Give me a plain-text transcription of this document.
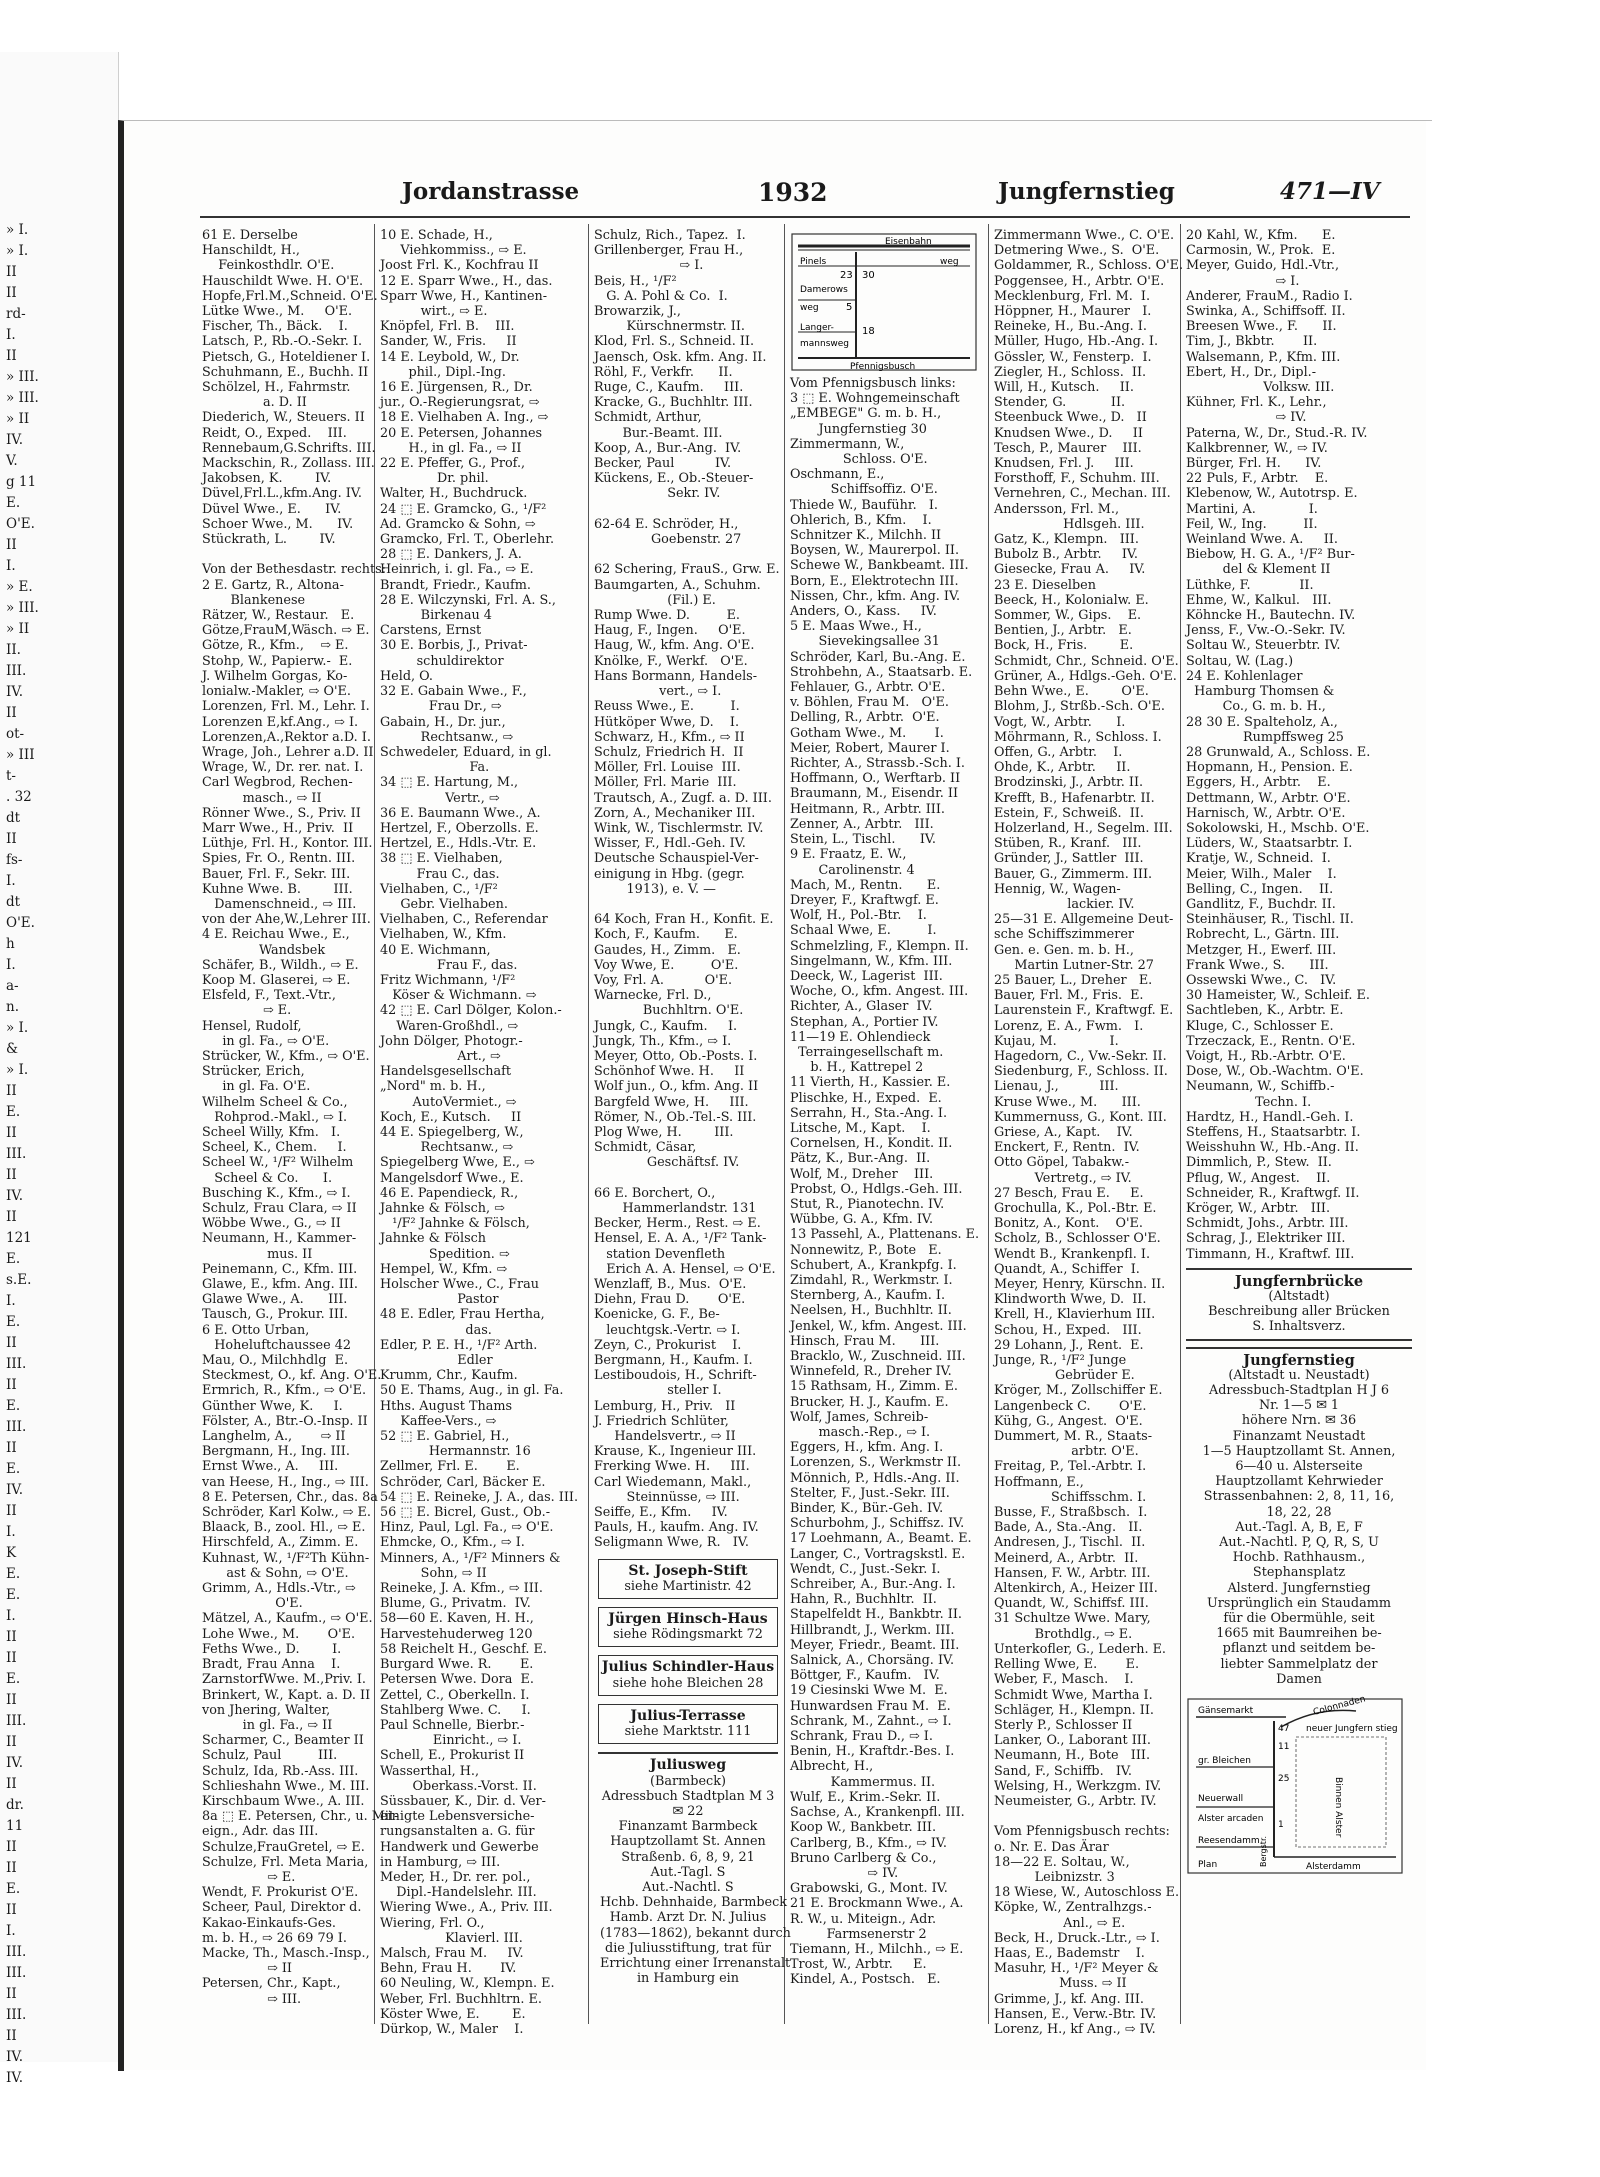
» I.
» I.
II
II
rd-
I.
II
» III.
» III.
» II
IV.
V.
g 11
E.
O'E.
II
I.
» E.
» III.
» II
II.
III.
IV.
II
ot-
» III
t-
. 32
dt
II
fs-
I.
dt
O'E.
h
I.
a-
n.
» I.
&
» I.
II
E.
II
III.
II
IV.
II
121
E.
s.E.
I.
E.
II
III.
II
E.
III.
II
E.
IV.
II
I.
K
E.
E.
I.
II
II
E.
II
III.
II
IV.
II
dr.
11
II
II
E.
II
I.
III.
III.
II
III.
II
IV.
IV.
Jordanstrasse	1932	Jungfernstieg	471—IV
61 E. Derselbe
Hanschildt, H.,
Feinkosthdlr. O'E.
Hauschildt Wwe. H. O'E.
Hopfe,Frl.M.,Schneid. O'E.
Lütke Wwe., M.     O'E.
Fischer, Th., Bäck.    I.
Latsch, P., Rb.-O.-Sekr. I.
Pietsch, G., Hoteldiener I.
Schuhmann, E., Buchh. II
Schölzel, H., Fahrmstr.
a. D. II
Diederich, W., Steuers. II
Reidt, O., Exped.    III.
Rennebaum,G.Schrifts. III.
Mackschin, R., Zollass. III.
Jakobsen, K.        IV.
Düvel,Frl.L.,kfm.Ang. IV.
Düvel Wwe., E.      IV.
Schoer Wwe., M.      IV.
Stückrath, L.        IV.

Von der Bethesdastr. rechts:
2 E. Gartz, R., Altona-
Blankenese
Rätzer, W., Restaur.   E.
Götze,FrauM,Wäsch. ⇨ E.
Götze, R., Kfm.,    ⇨ E.
Stohp, W., Papierw.-  E.
J. Wilhelm Gorgas, Ko-
lonialw.-Makler, ⇨ O'E.
Lorenzen, Frl. M., Lehr. I.
Lorenzen E,kf.Ang., ⇨ I.
Lorenzen,A.,Rektor a.D. I.
Wrage, Joh., Lehrer a.D. II
Wrage, W., Dr. rer. nat. I.
Carl Wegbrod, Rechen-
masch., ⇨ II
Rönner Wwe., S., Priv. II
Marr Wwe., H., Priv.  II
Lüthje, Frl. H., Kontor. III.
Spies, Fr. O., Rentn. III.
Bauer, Frl. F., Sekr. III.
Kuhne Wwe. B.        III.
Damenschneid., ⇨ III.
von der Ahe,W.,Lehrer III.
4 E. Reichau Wwe., E.,
Wandsbek
Schäfer, B., Wildh., ⇨ E.
Koop M. Glaserei, ⇨ E.
Elsfeld, F., Text.-Vtr.,
⇨ E.
Hensel, Rudolf,
in gl. Fa., ⇨ O'E.
Strücker, W., Kfm., ⇨ O'E.
Strücker, Erich,
in gl. Fa. O'E.
Wilhelm Scheel & Co.,
Rohprod.-Makl., ⇨ I.
Scheel Willy, Kfm.   I.
Scheel, K., Chem.     I.
Scheel W., ¹/F² Wilhelm
Scheel & Co.      I.
Busching K., Kfm., ⇨ I.
Schulz, Frau Clara, ⇨ II
Wöbbe Wwe., G., ⇨ II
Neumann, H., Kammer-
mus. II
Peinemann, C., Kfm. III.
Glawe, E., kfm. Ang. III.
Glawe Wwe., A.      III.
Tausch, G., Prokur. III.
6 E. Otto Urban,
Hoheluftchaussee 42
Mau, O., Milchhdlg  E.
Steckmest, O., kf. Ang. O'E.
Ermrich, R., Kfm., ⇨ O'E.
Günther Wwe, K.     I.
Fölster, A., Btr.-O.-Insp. II
Langhelm, A.,       ⇨ II
Bergmann, H., Ing. III.
Ernst Wwe., A.     III.
van Heese, H., Ing., ⇨ III.
8 E. Petersen, Chr., das. 8a
Schröder, Karl Kolw., ⇨ E.
Blaack, B., zool. Hl., ⇨ E.
Hirschfeld, A., Zimm. E.
Kuhnast, W., ¹/F²Th Kühn-
ast & Sohn, ⇨ O'E.
Grimm, A., Hdls.-Vtr., ⇨
O'E.
Mätzel, A., Kaufm., ⇨ O'E.
Lohe Wwe., M.       O'E.
Feths Wwe., D.        I.
Bradt, Frau Anna    I.
ZarnstorfWwe. M.,Priv. I.
Brinkert, W., Kapt. a. D. II
von Jhering, Walter,
in gl. Fa., ⇨ II
Scharmer, C., Beamter II
Schulz, Paul         III.
Schulz, Ida, Rb.-Ass. III.
Schlieshahn Wwe., M. III.
Kirschbaum Wwe., A. III.
8a ⬚ E. Petersen, Chr., u. Mit-
eign., Adr. das III.
Schulze,FrauGretel, ⇨ E.
Schulze, Frl. Meta Maria,
⇨ E.
Wendt, F. Prokurist O'E.
Scheer, Paul, Direktor d.
Kakao-Einkaufs-Ges.
m. b. H., ⇨ 26 69 79 I.
Macke, Th., Masch.-Insp.,
⇨ II
Petersen, Chr., Kapt.,
⇨ III.
10 E. Schade, H.,
Viehkommiss., ⇨ E.
Joost Frl. K., Kochfrau II
12 E. Sparr Wwe., H., das.
Sparr Wwe, H., Kantinen-
wirt., ⇨ E.
Knöpfel, Frl. B.    III.
Sander, W., Fris.     II
14 E. Leybold, W., Dr.
phil., Dipl.-Ing.
16 E. Jürgensen, R., Dr.
jur., O.-Regierungsrat, ⇨
18 E. Vielhaben A. Ing., ⇨
20 E. Petersen, Johannes
H., in gl. Fa., ⇨ II
22 E. Pfeffer, G., Prof.,
Dr. phil.
Walter, H., Buchdruck.
24 ⬚ E. Gramcko, G., ¹/F²
Ad. Gramcko & Sohn, ⇨
Gramcko, Frl. T., Oberlehr.
28 ⬚ E. Dankers, J. A.
Heinrich, i. gl. Fa., ⇨ E.
Brandt, Friedr., Kaufm.
28 E. Wilczynski, Frl. A. S.,
Birkenau 4
Carstens, Ernst
30 E. Borbis, J., Privat-
schuldirektor
Held, O.
32 E. Gabain Wwe., F.,
Frau Dr., ⇨
Gabain, H., Dr. jur.,
Rechtsanw., ⇨
Schwedeler, Eduard, in gl.
Fa.
34 ⬚ E. Hartung, M.,
Vertr., ⇨
36 E. Baumann Wwe., A.
Hertzel, F., Oberzolls. E.
Hertzel, E., Hdls.-Vtr. E.
38 ⬚ E. Vielhaben,
Frau C., das.
Vielhaben, C., ¹/F²
Gebr. Vielhaben.
Vielhaben, C., Referendar
Vielhaben, W., Kfm.
40 E. Wichmann,
Frau F., das.
Fritz Wichmann, ¹/F²
Köser & Wichmann. ⇨
42 ⬚ E. Carl Dölger, Kolon.-
Waren-Großhdl., ⇨
John Dölger, Photogr.-
Art., ⇨
Handelsgesellschaft
„Nord" m. b. H.,
AutoVermiet., ⇨
Koch, E., Kutsch.     II
44 E. Spiegelberg, W.,
Rechtsanw., ⇨
Spiegelberg Wwe, E., ⇨
Mangelsdorf Wwe., E.
46 E. Papendieck, R.,
Jahnke & Fölsch, ⇨
¹/F² Jahnke & Fölsch,
Jahnke & Fölsch
Spedition. ⇨
Hempel, W., Kfm. ⇨
Holscher Wwe., C., Frau
Pastor
48 E. Edler, Frau Hertha,
das.
Edler, P. E. H., ¹/F² Arth.
Edler
Krumm, Chr., Kaufm.
50 E. Thams, Aug., in gl. Fa.
Hths. August Thams
Kaffee-Vers., ⇨
52 ⬚ E. Gabriel, H.,
Hermannstr. 16
Zellmer, Frl. E.       E.
Schröder, Carl, Bäcker E.
54 ⬚ E. Reineke, J. A., das. III.
56 ⬚ E. Bicrel, Gust., Ob.-
Hinz, Paul, Lgl. Fa., ⇨ O'E.
Ehmcke, O., Kfm., ⇨ I.
Minners, A., ¹/F² Minners &
Sohn, ⇨ II
Reineke, J. A. Kfm., ⇨ III.
Blume, G., Privatm.  IV.
58—60 E. Kaven, H. H.,
Harvestehuderweg 120
58 Reichelt H., Geschf. E.
Burgard Wwe. R.       E.
Petersen Wwe. Dora  E.
Zettel, C., Oberkelln. I.
Stahlberg Wwe. C.     I.
Paul Schnelle, Bierbr.-
Einricht., ⇨ I.
Schell, E., Prokurist II
Wasserthal, H.,
Oberkass.-Vorst. II.
Süssbauer, K., Dir. d. Ver-
einigte Lebensversiche-
rungsanstalten a. G. für
Handwerk und Gewerbe
in Hamburg, ⇨ III.
Meder, H., Dr. rer. pol.,
Dipl.-Handelslehr. III.
Wiering Wwe., A., Priv. III.
Wiering, Frl. O.,
Klavierl. III.
Malsch, Frau M.     IV.
Behn, Frau H.       IV.
60 Neuling, W., Klempn. E.
Weber, Frl. Buchhltrn. E.
Köster Wwe, E.        E.
Dürkop, W., Maler    I.
Schulz, Rich., Tapez.  I.
Grillenberger, Frau H.,
⇨ I.
Beis, H., ¹/F²
G. A. Pohl & Co.  I.
Browarzik, J.,
Kürschnermstr. II.
Klod, Frl. S., Schneid. II.
Jaensch, Osk. kfm. Ang. II.
Röhl, F., Verkfr.      II.
Ruge, C., Kaufm.     III.
Kracke, G., Buchhltr. III.
Schmidt, Arthur,
Bur.-Beamt. III.
Koop, A., Bur.-Ang.  IV.
Becker, Paul          IV.
Kückens, E., Ob.-Steuer-
Sekr. IV.

62-64 E. Schröder, H.,
Goebenstr. 27

62 Schering, FrauS., Grw. E.
Baumgarten, A., Schuhm.
(Fil.) E.
Rump Wwe. D.         E.
Haug, F., Ingen.     O'E.
Haug, W., kfm. Ang. O'E.
Knölke, F., Werkf.   O'E.
Hans Bormann, Handels-
vert., ⇨ I.
Reuss Wwe., E.         I.
Hütköper Wwe, D.    I.
Schwarz, H., Kfm., ⇨ II
Schulz, Friedrich H.  II
Möller, Frl. Louise  III.
Möller, Frl. Marie  III.
Trautsch, A., Zugf. a. D. III.
Zorn, A., Mechaniker III.
Wink, W., Tischlermstr. IV.
Wisser, F., Hdl.-Geh. IV.
Deutsche Schauspiel-Ver-
einigung in Hbg. (gegr.
1913), e. V. —

64 Koch, Fran H., Konfit. E.
Koch, F., Kaufm.      E.
Gaudes, H., Zimm.   E.
Voy Wwe, E.         O'E.
Voy, Frl. A.          O'E.
Warnecke, Frl. D.,
Buchhltrn. O'E.
Jungk, C., Kaufm.     I.
Jungk, Th., Kfm., ⇨ I.
Meyer, Otto, Ob.-Posts. I.
Schönhof Wwe. H.     II
Wolf jun., O., kfm. Ang. II
Bargfeld Wwe, H.     III.
Römer, N., Ob.-Tel.-S. III.
Plog Wwe, H.        III.
Schmidt, Cäsar,
Geschäftsf. IV.

66 E. Borchert, O.,
Hammerlandstr. 131
Becker, Herm., Rest. ⇨ E.
Hensel, E. A. A., ¹/F² Tank-
station Devenfleth
Erich A. A. Hensel, ⇨ O'E.
Wenzlaff, B., Mus.  O'E.
Diehn, Frau D.       O'E.
Koenicke, G. F., Be-
leuchtgsk.-Vertr. ⇨ I.
Zeyn, C., Prokurist    I.
Bergmann, H., Kaufm. I.
Lestiboudois, H., Schrift-
steller I.
Lemburg, H., Priv.   II
J. Friedrich Schlüter,
Handelsvertr., ⇨ II
Krause, K., Ingenieur III.
Frerking Wwe. H.     III.
Carl Wiedemann, Makl.,
Steinnüsse, ⇨ III.
Seiffe, E., Kfm.     IV.
Pauls, H., kaufm. Ang. IV.
Seligmann Wwe, R.   IV.
St. Joseph-Stift
siehe Martinistr. 42
Jürgen Hinsch-Haus
siehe Rödingsmarkt 72
Julius Schindler-Haus
siehe hohe Bleichen 28
Julius-Terrasse
siehe Marktstr. 111
Juliusweg
(Barmbeck)
Adressbuch Stadtplan M 3
✉ 22
Finanzamt Barmbeck
Hauptzollamt St. Annen
Straßenb. 6, 8, 9, 21
Aut.-Tagl. S
Aut.-Nachtl. S
Hchb. Dehnhaide, Barmbeck
Hamb. Arzt Dr. N. Julius
(1783—1862), bekannt durch
die Juliusstiftung, trat für
Errichtung einer Irrenanstalt
in Hamburg ein
Eisenbahn
Pinels	weg
23 30
Damerows
weg	5
18
Langer-
mannsweg
Pfennigsbusch
Vom Pfennigsbusch links:
3 ⬚ E. Wohngemeinschaft
„EMBEGE" G. m. b. H.,
Jungfernstieg 30
Zimmermann, W.,
Schloss. O'E.
Oschmann, E.,
Schiffsoffiz. O'E.
Thiede W., Bauführ.   I.
Ohlerich, B., Kfm.    I.
Schnitzer K., Milchh. II
Boysen, W., Maurerpol. II.
Schewe W., Bankbeamt. III.
Born, E., Elektrotechn III.
Nissen, Chr., kfm. Ang. IV.
Anders, O., Kass.     IV.
5 E. Maas Wwe., H.,
Sievekingsallee 31
Schröder, Karl, Bu.-Ang. E.
Strohbehn, A., Staatsarb. E.
Fehlauer, G., Arbtr. O'E.
v. Böhlen, Frau M.   O'E.
Delling, R., Arbtr.  O'E.
Gotham Wwe., M.       I.
Meier, Robert, Maurer I.
Richter, A., Strassb.-Sch. I.
Hoffmann, O., Werftarb. II
Braumann, M., Eisendr. II
Heitmann, R., Arbtr. III.
Zenner, A., Arbtr.   III.
Stein, L., Tischl.      IV.
9 E. Fraatz, E. W.,
Carolinenstr. 4
Mach, M., Rentn.      E.
Dreyer, F., Kraftwgf. E.
Wolf, H., Pol.-Btr.    I.
Schaal Wwe, E.         I.
Schmelzling, F., Klempn. II.
Singelmann, W., Kfm. III.
Deeck, W., Lagerist  III.
Woche, O., kfm. Angest. III.
Richter, A., Glaser  IV.
Stephan, A., Portier IV.
11—19 E. Ohlendieck
Terraingesellschaft m.
b. H., Kattrepel 2
11 Vierth, H., Kassier. E.
Plischke, H., Exped.  E.
Serrahn, H., Sta.-Ang. I.
Litsche, M., Kapt.    I.
Cornelsen, H., Kondit. II.
Pätz, K., Bur.-Ang.  II.
Wolf, M., Dreher    III.
Probst, O., Hdlgs.-Geh. III.
Stut, R., Pianotechn. IV.
Wübbe, G. A., Kfm. IV.
13 Passehl, A., Plattenans. E.
Nonnewitz, P., Bote   E.
Schubert, A., Krankpfg. I.
Zimdahl, R., Werkmstr. I.
Sternberg, A., Kaufm. I.
Neelsen, H., Buchhltr. II.
Jenkel, W., kfm. Angest. III.
Hinsch, Frau M.      III.
Bracklo, W., Zuschneid. III.
Winnefeld, R., Dreher IV.
15 Rathsam, H., Zimm. E.
Brucker, H. J., Kaufm. E.
Wolf, James, Schreib-
masch.-Rep., ⇨ I.
Eggers, H., kfm. Ang. I.
Lorenzen, S., Werkmstr II.
Mönnich, P., Hdls.-Ang. II.
Stelter, F., Just.-Sekr. III.
Binder, K., Bür.-Geh. IV.
Schurbohm, J., Schiffsz. IV.
17 Loehmann, A., Beamt. E.
Langer, C., Vortragskstl. E.
Wendt, C., Just.-Sekr. I.
Schreiber, A., Bur.-Ang. I.
Hahn, R., Buchhltr.  II.
Stapelfeldt H., Bankbtr. II.
Hillbrandt, J., Werkm. III.
Meyer, Friedr., Beamt. III.
Salnick, A., Chorsäng. IV.
Böttger, F., Kaufm.   IV.
19 Ciesinski Wwe M.  E.
Hunwardsen Frau M.  E.
Schrank, M., Zahnt., ⇨ I.
Schrank, Frau D., ⇨ I.
Benin, H., Kraftdr.-Bes. I.
Albrecht, H.,
Kammermus. II.
Wulf, E., Krim.-Sekr. II.
Sachse, A., Krankenpfl. III.
Koop W., Bankbetr. III.
Carlberg, B., Kfm., ⇨ IV.
Bruno Carlberg & Co.,
⇨ IV.
Grabowski, G., Mont. IV.
21 E. Brockmann Wwe., A.
R. W., u. Miteign., Adr.
Farmsenerstr 2
Tiemann, H., Milchh., ⇨ E.
Trost, W., Arbtr.     E.
Kindel, A., Postsch.   E.
Zimmermann Wwe., C. O'E.
Detmering Wwe., S.  O'E.
Goldammer, R., Schloss. O'E.
Poggensee, H., Arbtr. O'E.
Mecklenburg, Frl. M.  I.
Höppner, H., Maurer   I.
Reineke, H., Bu.-Ang. I.
Müller, Hugo, Hb.-Ang. I.
Gössler, W., Fensterp.  I.
Ziegler, H., Schloss.  II.
Will, H., Kutsch.     II.
Stender, G.           II.
Steenbuck Wwe., D.   II
Knudsen Wwe., D.     II
Tesch, P., Maurer    III.
Knudsen, Frl. J.     III.
Forsthoff, F., Schuhm. III.
Vernehren, C., Mechan. III.
Andersson, Frl. M.,
Hdlsgeh. III.
Gatz, K., Klempn.   III.
Bubolz B., Arbtr.     IV.
Giesecke, Frau A.     IV.
23 E. Dieselben
Beeck, H., Kolonialw. E.
Sommer, W., Gips.    E.
Bentien, J., Arbtr.   E.
Bock, H., Fris.        E.
Schmidt, Chr., Schneid. O'E.
Grüner, A., Hdlgs.-Geh. O'E.
Behn Wwe., E.        O'E.
Blohm, J., Strßb.-Sch. O'E.
Vogt, W., Arbtr.      I.
Möhrmann, R., Schloss. I.
Offen, G., Arbtr.    I.
Ohde, K., Arbtr.     II.
Brodzinski, J., Arbtr. II.
Krefft, B., Hafenarbtr. II.
Estein, F., Schweiß.  II.
Holzerland, H., Segelm. III.
Stüben, R., Kranf.   III.
Gründer, J., Sattler  III.
Bauer, G., Zimmerm. III.
Hennig, W., Wagen-
lackier. IV.
25—31 E. Allgemeine Deut-
sche Schiffszimmerer
Gen. e. Gen. m. b. H.,
Martin Lutner-Str. 27
25 Bauer, L., Dreher   E.
Bauer, Frl. M., Fris.  E.
Laurenstein F., Kraftwgf. E.
Lorenz, E. A., Fwm.   I.
Kujau, M.             I.
Hagedorn, C., Vw.-Sekr. II.
Siedenburg, F., Schloss. II.
Lienau, J.,          III.
Kruse Wwe., M.      III.
Kummernuss, G., Kont. III.
Griese, A., Kapt.    IV.
Enckert, F., Rentn.  IV.
Otto Göpel, Tabakw.-
Vertretg., ⇨ IV.
27 Besch, Frau E.     E.
Grochulla, K., Pol.-Btr. E.
Bonitz, A., Kont.    O'E.
Scholz, B., Schlosser O'E.
Wendt B., Krankenpfl. I.
Quandt, A., Schiffer  I.
Meyer, Henry, Kürschn. II.
Klindworth Wwe, D.  II.
Krell, H., Klavierhum III.
Schou, H., Exped.   III.
29 Lohann, J., Rent.  E.
Junge, R., ¹/F² Junge
Gebrüder E.
Kröger, M., Zollschiffer E.
Langenbeck C.       O'E.
Kühg, G., Angest.  O'E.
Dummert, M. R., Staats-
arbtr. O'E.
Freitag, P., Tel.-Arbtr. I.
Hoffmann, E.,
Schiffsschm. I.
Busse, F., Straßbsch.  I.
Bade, A., Sta.-Ang.   II.
Andresen, J., Tischl.  II.
Meinerd, A., Arbtr.  II.
Hansen, F. W., Arbtr. III.
Altenkirch, A., Heizer III.
Quandt, W., Schiffsf. III.
31 Schultze Wwe. Mary,
Brothdlg., ⇨ E.
Unterkofler, G., Lederh. E.
Relling Wwe, E.       E.
Weber, F., Masch.    I.
Schmidt Wwe, Martha I.
Schläger, H., Klempn. II.
Sterly P., Schlosser II
Lanker, O., Laborant III.
Neumann, H., Bote   III.
Sand, F., Schiffb.   IV.
Welsing, H., Werkzgm. IV.
Neumeister, G., Arbtr. IV.

Vom Pfennigsbusch rechts:
o. Nr. E. Das Ärar
18—22 E. Soltau, W.,
Leibnizstr. 3
18 Wiese, W., Autoschloss E.
Köpke, W., Zentralhzgs.-
Anl., ⇨ E.
Beck, H., Druck.-Ltr., ⇨ I.
Haas, E., Bademstr    I.
Masuhr, H., ¹/F² Meyer &
Muss. ⇨ II
Grimme, J., kf. Ang. III.
Hansen, E., Verw.-Btr. IV.
Lorenz, H., kf Ang., ⇨ IV.
20 Kahl, W., Kfm.      E.
Carmosin, W., Prok.  E.
Meyer, Guido, Hdl.-Vtr.,
⇨ I.
Anderer, FrauM., Radio I.
Swinka, A., Schiffsoff. II.
Breesen Wwe., F.      II.
Tim, J., Bkbtr.       II.
Walsemann, P., Kfm. III.
Ebert, H., Dr., Dipl.-
Volksw. III.
Kühner, Frl. K., Lehr.,
⇨ IV.
Paterna, W., Dr., Stud.-R. IV.
Kalkbrenner, W., ⇨ IV.
Bürger, Frl. H.      IV.
22 Puls, F., Arbtr.    E.
Klebenow, W., Autotrsp. E.
Martini, A.             I.
Feil, W., Ing.         II.
Weinland Wwe. A.     II.
Biebow, H. G. A., ¹/F² Bur-
del & Klement II
Lüthke, F.            II.
Ehme, W., Kalkul.   III.
Köhncke H., Bautechn. IV.
Jenss, F., Vw.-O.-Sekr. IV.
Soltau W., Steuerbtr. IV.
Soltau, W. (Lag.)
24 E. Kohlenlager
Hamburg Thomsen &
Co., G. m. b. H.,
28 30 E. Spalteholz, A.,
Rumpffsweg 25
28 Grunwald, A., Schloss. E.
Hopmann, H., Pension. E.
Eggers, H., Arbtr.    E.
Dettmann, W., Arbtr. O'E.
Harnisch, W., Arbtr. O'E.
Sokolowski, H., Mschb. O'E.
Lüders, W., Staatsarbtr. I.
Kratje, W., Schneid.  I.
Meier, Wilh., Maler    I.
Belling, C., Ingen.    II.
Gandlitz, F., Buchdr. II.
Steinhäuser, R., Tischl. II.
Robrecht, L., Gärtn. III.
Metzger, H., Ewerf. III.
Frank Wwe., S.      III.
Ossewski Wwe., C.   IV.
30 Hameister, W., Schleif. E.
Sachtleben, K., Arbtr. E.
Kluge, C., Schlosser E.
Trzeczack, E., Rentn. O'E.
Voigt, H., Rb.-Arbtr. O'E.
Dose, W., Ob.-Wachtm. O'E.
Neumann, W., Schiffb.-
Techn. I.
Hardtz, H., Handl.-Geh. I.
Steffens, H., Staatsarbtr. I.
Weisshuhn W., Hb.-Ang. II.
Dimmlich, P., Stew.  II.
Pflug, W., Angest.    II.
Schneider, R., Kraftwgf. II.
Kröger, W., Arbtr.   III.
Schmidt, Johs., Arbtr. III.
Schrag, J., Elektriker III.
Timmann, H., Kraftwf. III.
Jungfernbrücke
(Altstadt)
Beschreibung aller Brücken
S. Inhaltsverz.
Jungfernstieg
(Altstadt u. Neustadt)
Adressbuch-Stadtplan H J 6
Nr. 1—5 ✉ 1
höhere Nrn. ✉ 36
Finanzamt Neustadt
1—5 Hauptzollamt St. Annen,
6—40 u. Alsterseite
Hauptzollamt Kehrwieder
Strassenbahnen: 2, 8, 11, 16,
18, 22, 28
Aut.-Tagl. A, B, E, F
Aut.-Nachtl. P, Q, R, S, U
Hochb. Rathhausm.,
Stephansplatz
Alsterd. Jungfernstieg
Ursprünglich ein Staudamm
für die Obermühle, seit
1665 mit Baumreihen be-
pflanzt und seitdem be-
liebter Sammelplatz der
Damen
Gänsemarkt	Colonnaden
neuer Jungfern stieg
47
11
gr. Bleichen
25	Binnen Alster
Neuerwall
Alster arcaden
1
Reesendamm
Plan	Alsterdamm
Bergstr.
